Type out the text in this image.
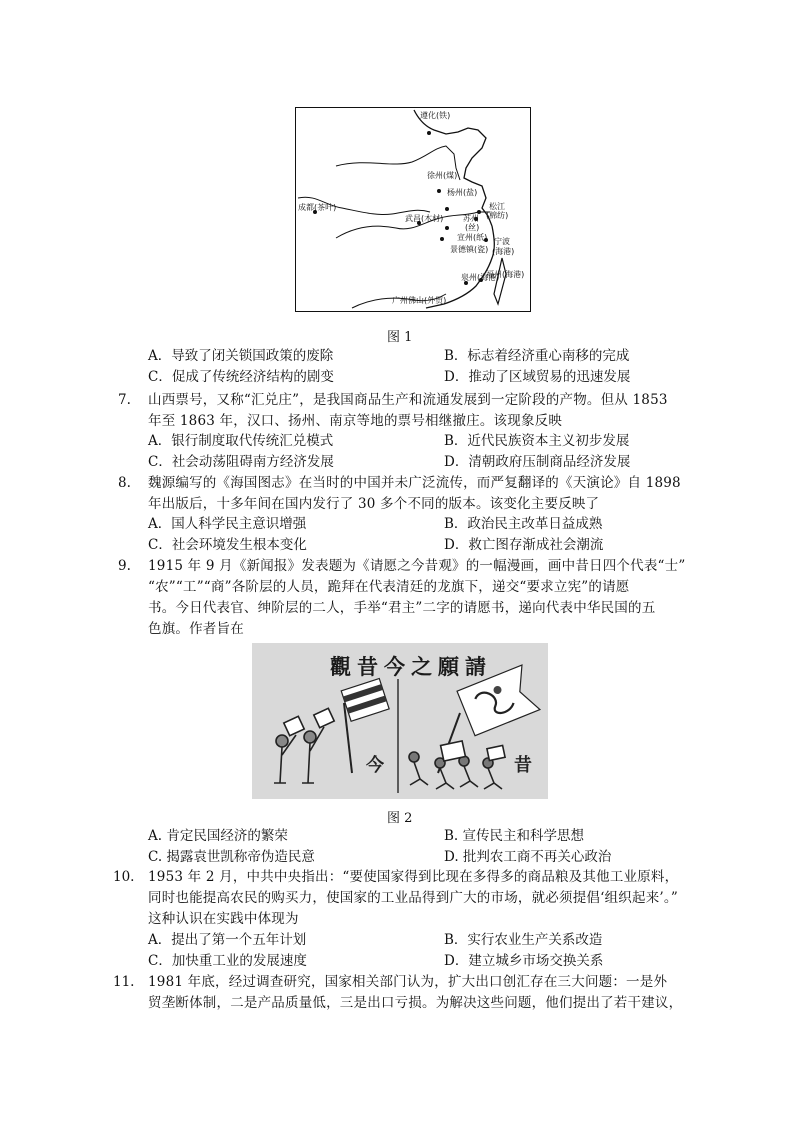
遵化(铁)
徐州(煤)
杨州(盐)
成都(茶叶)	松江
(棉纺)
苏州
(丝)
武昌(木材)
宣州(纸)
景德镇(瓷)
宁波
(海港)
泉州(海港)
福州(海港)
广州佛山(外贸)
图 1
A．导致了闭关锁国政策的废除	B．标志着经济重心南移的完成
C．促成了传统经济结构的剧变	D．推动了区域贸易的迅速发展
7. 山西票号，又称“汇兑庄”，是我国商品生产和流通发展到一定阶段的产物。但从 1853
年至 1863 年，汉口、扬州、南京等地的票号相继撤庄。该现象反映
A．银行制度取代传统汇兑模式	B．近代民族资本主义初步发展
C．社会动荡阻碍南方经济发展	D．清朝政府压制商品经济发展
8. 魏源编写的《海国图志》在当时的中国并未广泛流传，而严复翻译的《天演论》自 1898
年出版后，十多年间在国内发行了 30 多个不同的版本。该变化主要反映了
A．国人科学民主意识增强	B．政治民主改革日益成熟
C．社会环境发生根本变化	D．救亡图存渐成社会潮流
9. 1915 年 9 月《新闻报》发表题为《请愿之今昔观》的一幅漫画，画中昔日四个代表“士”
“农”“工”“商”各阶层的人员，跪拜在代表清廷的龙旗下，递交“要求立宪”的请愿
书。今日代表官、绅阶层的二人，手举“君主”二字的请愿书，递向代表中华民国的五
色旗。作者旨在
觀昔今之願請
今	昔
图 2
A. 肯定民国经济的繁荣	B. 宣传民主和科学思想
C. 揭露袁世凯称帝伪造民意	D. 批判农工商不再关心政治
10. 1953 年 2 月，中共中央指出：“要使国家得到比现在多得多的商品粮及其他工业原料，
同时也能提高农民的购买力，使国家的工业品得到广大的市场，就必须提倡‘组织起来’。”
这种认识在实践中体现为
A．提出了第一个五年计划	B．实行农业生产关系改造
C．加快重工业的发展速度	D．建立城乡市场交换关系
11. 1981 年底，经过调查研究，国家相关部门认为，扩大出口创汇存在三大问题：一是外
贸垄断体制，二是产品质量低，三是出口亏损。为解决这些问题，他们提出了若干建议，
